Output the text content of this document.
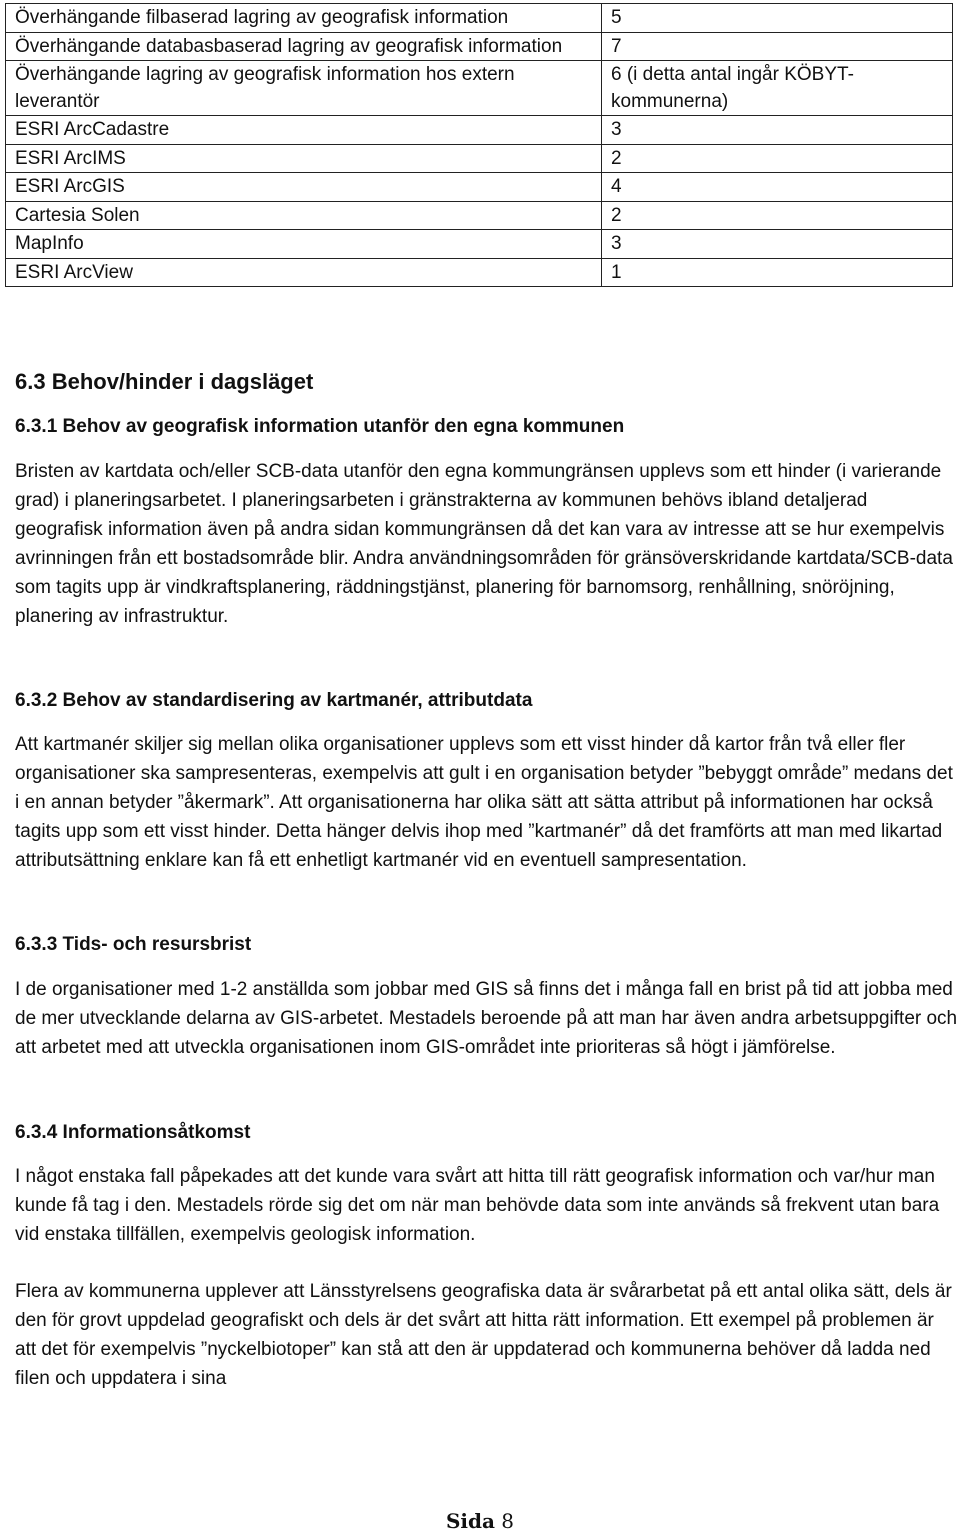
Överhängande filbaserad lagring av geografisk information	5
Överhängande databasbaserad lagring av geografisk information	7
Överhängande lagring av geografisk information hos extern leverantör	6 (i detta antal ingår KÖBYT-kommunerna)
ESRI ArcCadastre	3
ESRI ArcIMS	2
ESRI ArcGIS	4
Cartesia Solen	2
MapInfo	3
ESRI ArcView	1
6.3 Behov/hinder i dagsläget
6.3.1 Behov av geografisk information utanför den egna kommunen

Bristen av kartdata och/eller SCB-data utanför den egna kommungränsen upplevs som ett hinder (i varierande grad) i planeringsarbetet. I planeringsarbeten i gränstrakterna av kommunen behövs ibland detaljerad geografisk information även på andra sidan kommungränsen då det kan vara av intresse att se hur exempelvis avrinningen från ett bostadsområde blir. Andra användningsområden för gränsöverskridande kartdata/SCB-data som tagits upp är vindkraftsplanering, räddningstjänst, planering för barnomsorg, renhållning, snöröjning, planering av infrastruktur.

6.3.2 Behov av standardisering av kartmanér, attributdata

Att kartmanér skiljer sig mellan olika organisationer upplevs som ett visst hinder då kartor från två eller fler organisationer ska sampresenteras, exempelvis att gult i en organisation betyder ”bebyggt område” medans det i en annan betyder ”åkermark”. Att organisationerna har olika sätt att sätta attribut på informationen har också tagits upp som ett visst hinder. Detta hänger delvis ihop med ”kartmanér” då det framförts att man med likartad attributsättning enklare kan få ett enhetligt kartmanér vid en eventuell sampresentation.

6.3.3 Tids- och resursbrist

I de organisationer med 1-2 anställda som jobbar med GIS så finns det i många fall en brist på tid att jobba med de mer utvecklande delarna av GIS-arbetet. Mestadels beroende på att man har även andra arbetsuppgifter och att arbetet med att utveckla organisationen inom GIS-området inte prioriteras så högt i jämförelse.

6.3.4 Informationsåtkomst

I något enstaka fall påpekades att det kunde vara svårt att hitta till rätt geografisk information och var/hur man kunde få tag i den. Mestadels rörde sig det om när man behövde data som inte används så frekvent utan bara vid enstaka tillfällen, exempelvis geologisk information.

Flera av kommunerna upplever att Länsstyrelsens geografiska data är svårarbetat på ett antal olika sätt, dels är den för grovt uppdelad geografiskt och dels är det svårt att hitta rätt information. Ett exempel på problemen är att det för exempelvis ”nyckelbiotoper” kan stå att den är uppdaterad och kommunerna behöver då ladda ned filen och uppdatera i sina

Sida 8
